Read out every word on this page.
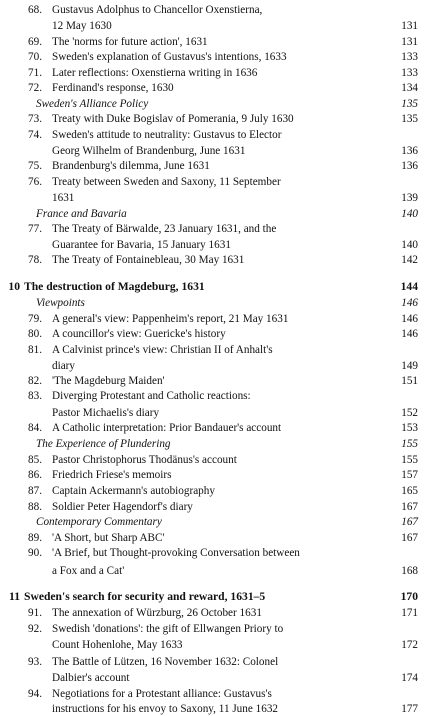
68. Gustavus Adolphus to Chancellor Oxenstierna,
12 May 1630	131
69. The 'norms for future action', 1631	131
70. Sweden's explanation of Gustavus's intentions, 1633	133
71. Later reflections: Oxenstierna writing in 1636	133
72. Ferdinand's response, 1630	134
Sweden's Alliance Policy	135
73. Treaty with Duke Bogislav of Pomerania, 9 July 1630	135
74. Sweden's attitude to neutrality: Gustavus to Elector
Georg Wilhelm of Brandenburg, June 1631	136
75. Brandenburg's dilemma, June 1631	136
76. Treaty between Sweden and Saxony, 11 September
1631	139
France and Bavaria	140
77. The Treaty of Bärwalde, 23 January 1631, and the
Guarantee for Bavaria, 15 January 1631	140
78. The Treaty of Fontainebleau, 30 May 1631	142
10 The destruction of Magdeburg, 1631	144
Viewpoints	146
79. A general's view: Pappenheim's report, 21 May 1631	146
80. A councillor's view: Guericke's history	146
81. A Calvinist prince's view: Christian II of Anhalt's
diary	149
82. 'The Magdeburg Maiden'	151
83. Diverging Protestant and Catholic reactions:
Pastor Michaelis's diary	152
84. A Catholic interpretation: Prior Bandauer's account	153
The Experience of Plundering	155
85. Pastor Christophorus Thodänus's account	155
86. Friedrich Friese's memoirs	157
87. Captain Ackermann's autobiography	165
88. Soldier Peter Hagendorf's diary	167
Contemporary Commentary	167
89. 'A Short, but Sharp ABC'	167
90. 'A Brief, but Thought-provoking Conversation between
a Fox and a Cat'	168
11 Sweden's search for security and reward, 1631–5	170
91. The annexation of Würzburg, 26 October 1631	171
92. Swedish 'donations': the gift of Ellwangen Priory to
Count Hohenlohe, May 1633	172
93. The Battle of Lützen, 16 November 1632: Colonel
Dalbier's account	174
94. Negotiations for a Protestant alliance: Gustavus's
instructions for his envoy to Saxony, 11 June 1632	177
